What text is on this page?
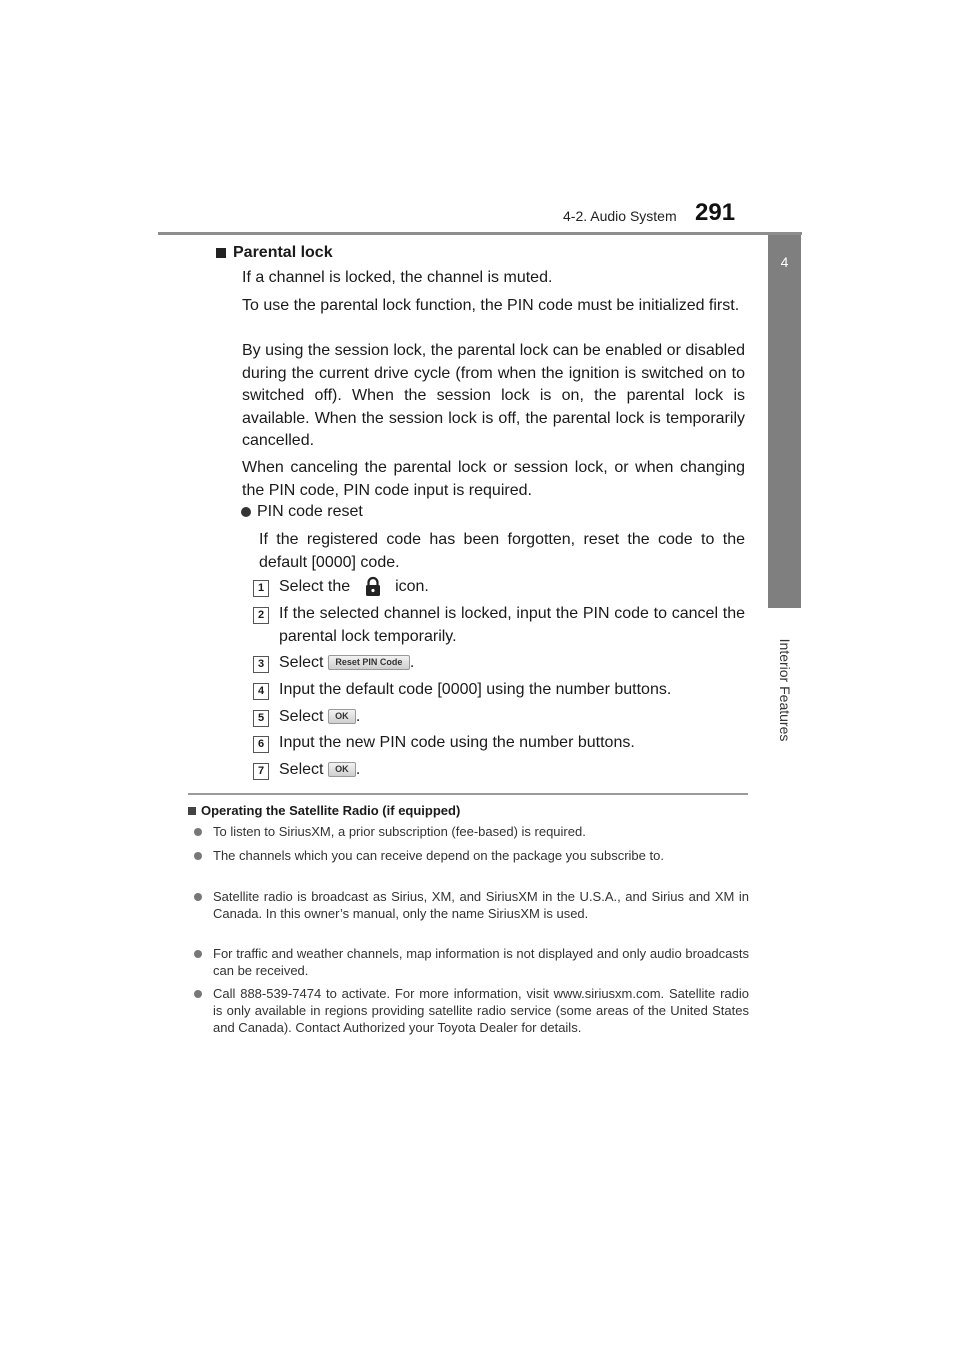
4-2. Audio System 291
4
Interior Features
Parental lock

If a channel is locked, the channel is muted.

To use the parental lock function, the PIN code must be initialized first.

By using the session lock, the parental lock can be enabled or disabled during the current drive cycle (from when the ignition is switched on to switched off). When the session lock is on, the parental lock is available. When the session lock is off, the parental lock is temporarily cancelled.

When canceling the parental lock or session lock, or when changing the PIN code, PIN code input is required.

PIN code reset

If the registered code has been forgotten, reset the code to the default [0000] code.

1 Select the	icon.
2 If the selected channel is locked, input the PIN code to cancel the parental lock temporarily.
3 Select Reset PIN Code .
4 Input the default code [0000] using the number buttons.
5 Select OK .
6 Input the new PIN code using the number buttons.
7 Select OK .
Operating the Satellite Radio (if equipped)
To listen to SiriusXM, a prior subscription (fee-based) is required.
The channels which you can receive depend on the package you subscribe to.
Satellite radio is broadcast as Sirius, XM, and SiriusXM in the U.S.A., and Sirius and XM in Canada. In this owner’s manual, only the name SiriusXM is used.
For traffic and weather channels, map information is not displayed and only audio broadcasts can be received.
Call 888-539-7474 to activate. For more information, visit www.siriusxm.com. Satellite radio is only available in regions providing satellite radio service (some areas of the United States and Canada). Contact Authorized your Toyota Dealer for details.
